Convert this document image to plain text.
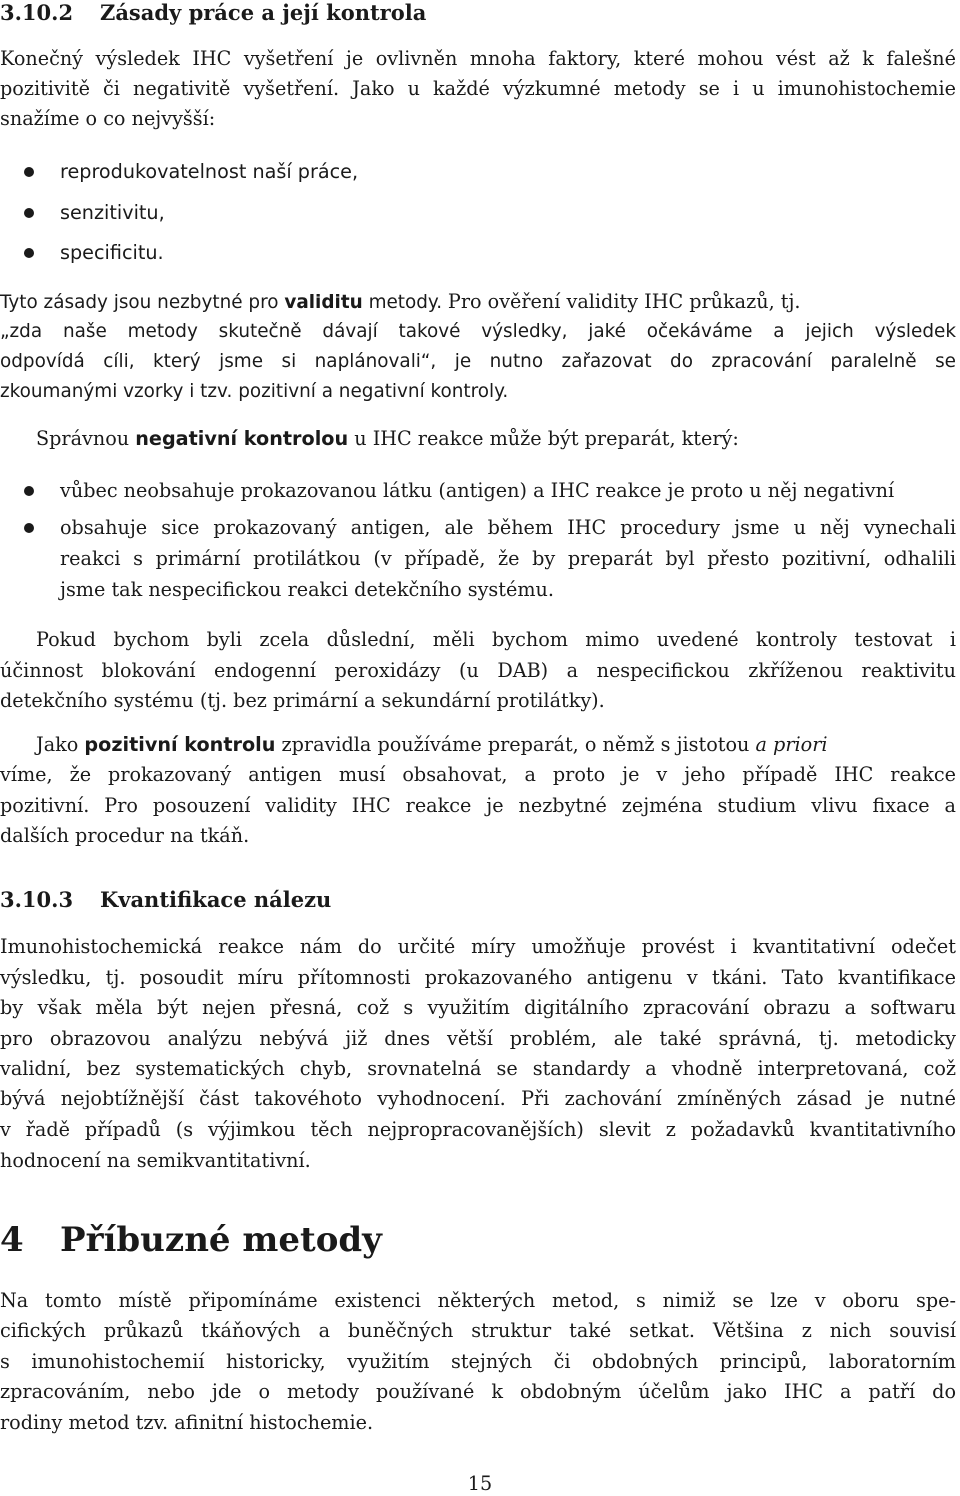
3.10.2 Zásady práce a její kontrola
Konečný výsledek IHC vyšetření je ovlivněn mnoha faktory, které mohou vést až k falešné
pozitivitě či negativitě vyšetření. Jako u každé výzkumné metody se i u imunohistochemie
snažíme o co nejvyšší:
reprodukovatelnost naší práce,
senzitivitu,
specificitu.
Tyto zásady jsou nezbytné pro validitu metody. Pro ověření validity IHC průkazů, tj.
„zda naše metody skutečně dávají takové výsledky, jaké očekáváme a jejich výsledek
odpovídá cíli, který jsme si naplánovali“, je nutno zařazovat do zpracování paralelně se
zkoumanými vzorky i tzv. pozitivní a negativní kontroly.
Správnou negativní kontrolou u IHC reakce může být preparát, který:
vůbec neobsahuje prokazovanou látku (antigen) a IHC reakce je proto u něj negativní
obsahuje sice prokazovaný antigen, ale během IHC procedury jsme u něj vynechali
reakci s primární protilátkou (v případě, že by preparát byl přesto pozitivní, odhalili
jsme tak nespecifickou reakci detekčního systému.
Pokud bychom byli zcela důslední, měli bychom mimo uvedené kontroly testovat i
účinnost blokování endogenní peroxidázy (u DAB) a nespecifickou zkříženou reaktivitu
detekčního systému (tj. bez primární a sekundární protilátky).
Jako pozitivní kontrolu zpravidla používáme preparát, o němž s jistotou a priori
víme, že prokazovaný antigen musí obsahovat, a proto je v jeho případě IHC reakce
pozitivní. Pro posouzení validity IHC reakce je nezbytné zejména studium vlivu fixace a
dalších procedur na tkáň.
3.10.3 Kvantifikace nálezu
Imunohistochemická reakce nám do určité míry umožňuje provést i kvantitativní odečet
výsledku, tj. posoudit míru přítomnosti prokazovaného antigenu v tkáni. Tato kvantifikace
by však měla být nejen přesná, což s využitím digitálního zpracování obrazu a softwaru
pro obrazovou analýzu nebývá již dnes větší problém, ale také správná, tj. metodicky
validní, bez systematických chyb, srovnatelná se standardy a vhodně interpretovaná, což
bývá nejobtížnější část takovéhoto vyhodnocení. Při zachování zmíněných zásad je nutné
v řadě případů (s výjimkou těch nejpropracovanějších) slevit z požadavků kvantitativního
hodnocení na semikvantitativní.
4 Příbuzné metody
Na tomto místě připomínáme existenci některých metod, s nimiž se lze v oboru spe-
cifických průkazů tkáňových a buněčných struktur také setkat. Většina z nich souvisí
s imunohistochemií historicky, využitím stejných či obdobných principů, laboratorním
zpracováním, nebo jde o metody používané k obdobným účelům jako IHC a patří do
rodiny metod tzv. afinitní histochemie.
15
